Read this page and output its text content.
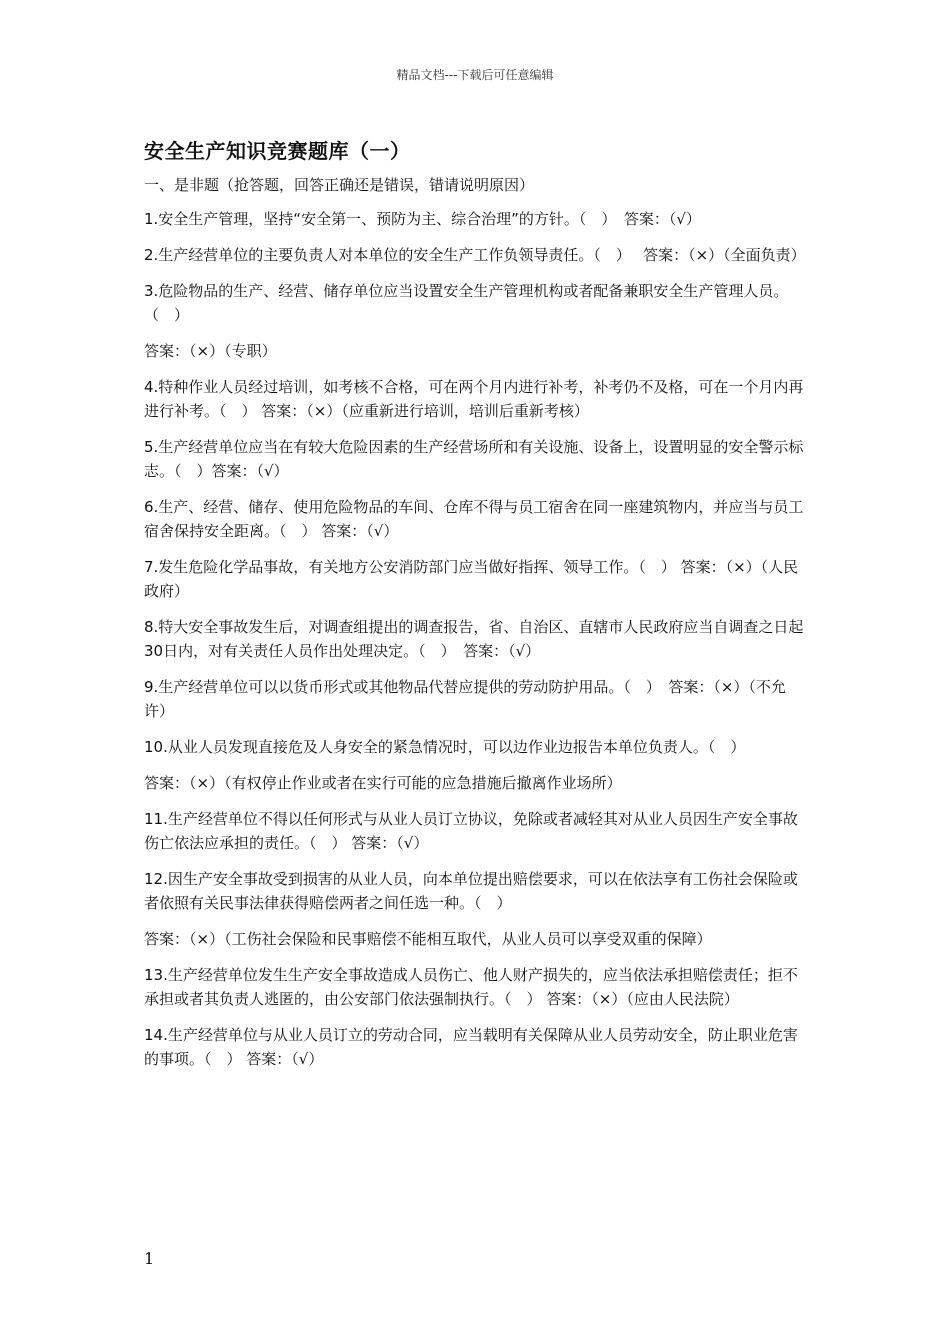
精品文档---下载后可任意编辑
安全生产知识竞赛题库（一）
一、是非题（抢答题，回答正确还是错误，错请说明原因）

1.安全生产管理，坚持“安全第一、预防为主、综合治理”的方针。（　）　答案：（√）

2.生产经营单位的主要负责人对本单位的安全生产工作负领导责任。（　）　 答案：（×）（全面负责）

3.危险物品的生产、经营、储存单位应当设置安全生产管理机构或者配备兼职安全生产管理人员。（　）

答案：（×）（专职）

4.特种作业人员经过培训，如考核不合格，可在两个月内进行补考，补考仍不及格，可在一个月内再进行补考。（　） 答案：（×）（应重新进行培训，培训后重新考核）

5.生产经营单位应当在有较大危险因素的生产经营场所和有关设施、设备上，设置明显的安全警示标志。（　）答案：（√）

6.生产、经营、储存、使用危险物品的车间、仓库不得与员工宿舍在同一座建筑物内，并应当与员工宿舍保持安全距离。（　） 答案：（√）

7.发生危险化学品事故，有关地方公安消防部门应当做好指挥、领导工作。（　） 答案：（×）（人民政府）

8.特大安全事故发生后，对调查组提出的调查报告，省、自治区、直辖市人民政府应当自调查之日起30日内，对有关责任人员作出处理决定。（　）　答案：（√）

9.生产经营单位可以以货币形式或其他物品代替应提供的劳动防护用品。（　）　答案：（×）（不允许）

10.从业人员发现直接危及人身安全的紧急情况时，可以边作业边报告本单位负责人。（　）

答案：（×）（有权停止作业或者在实行可能的应急措施后撤离作业场所）

11.生产经营单位不得以任何形式与从业人员订立协议，免除或者减轻其对从业人员因生产安全事故伤亡依法应承担的责任。（　） 答案：（√）

12.因生产安全事故受到损害的从业人员，向本单位提出赔偿要求，可以在依法享有工伤社会保险或者依照有关民事法律获得赔偿两者之间任选一种。（　）

答案：（×）（工伤社会保险和民事赔偿不能相互取代，从业人员可以享受双重的保障）

13.生产经营单位发生生产安全事故造成人员伤亡、他人财产损失的，应当依法承担赔偿责任；拒不承担或者其负责人逃匿的，由公安部门依法强制执行。（　） 答案：（×）（应由人民法院）

14.生产经营单位与从业人员订立的劳动合同，应当载明有关保障从业人员劳动安全，防止职业危害的事项。（　） 答案：（√）

1
